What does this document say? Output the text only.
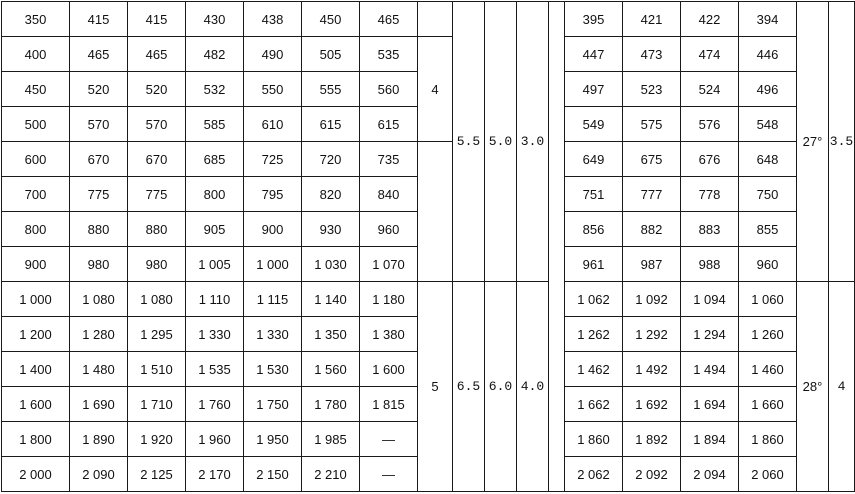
350	415	415	430	438	450	465		5.5	5.0	3.0		395	421	422	394	27°	3.5
400	465	465	482	490	505	535	4					447	473	474	446		
450	520	520	532	550	555	560						497	523	524	496		
500	570	570	585	610	615	615						549	575	576	548		
600	670	670	685	725	720	735						649	675	676	648		
700	775	775	800	795	820	840						751	777	778	750		
800	880	880	905	900	930	960						856	882	883	855		
900	980	980	1 005	1 000	1 030	1 070						961	987	988	960		
1 000	1 080	1 080	1 110	1 115	1 140	1 180	5	6.5	6.0	4.0		1 062	1 092	1 094	1 060	28°	4
1 200	1 280	1 295	1 330	1 330	1 350	1 380						1 262	1 292	1 294	1 260		
1 400	1 480	1 510	1 535	1 530	1 560	1 600						1 462	1 492	1 494	1 460		
1 600	1 690	1 710	1 760	1 750	1 780	1 815						1 662	1 692	1 694	1 660		
1 800	1 890	1 920	1 960	1 950	1 985	—						1 860	1 892	1 894	1 860		
2 000	2 090	2 125	2 170	2 150	2 210	—						2 062	2 092	2 094	2 060		
